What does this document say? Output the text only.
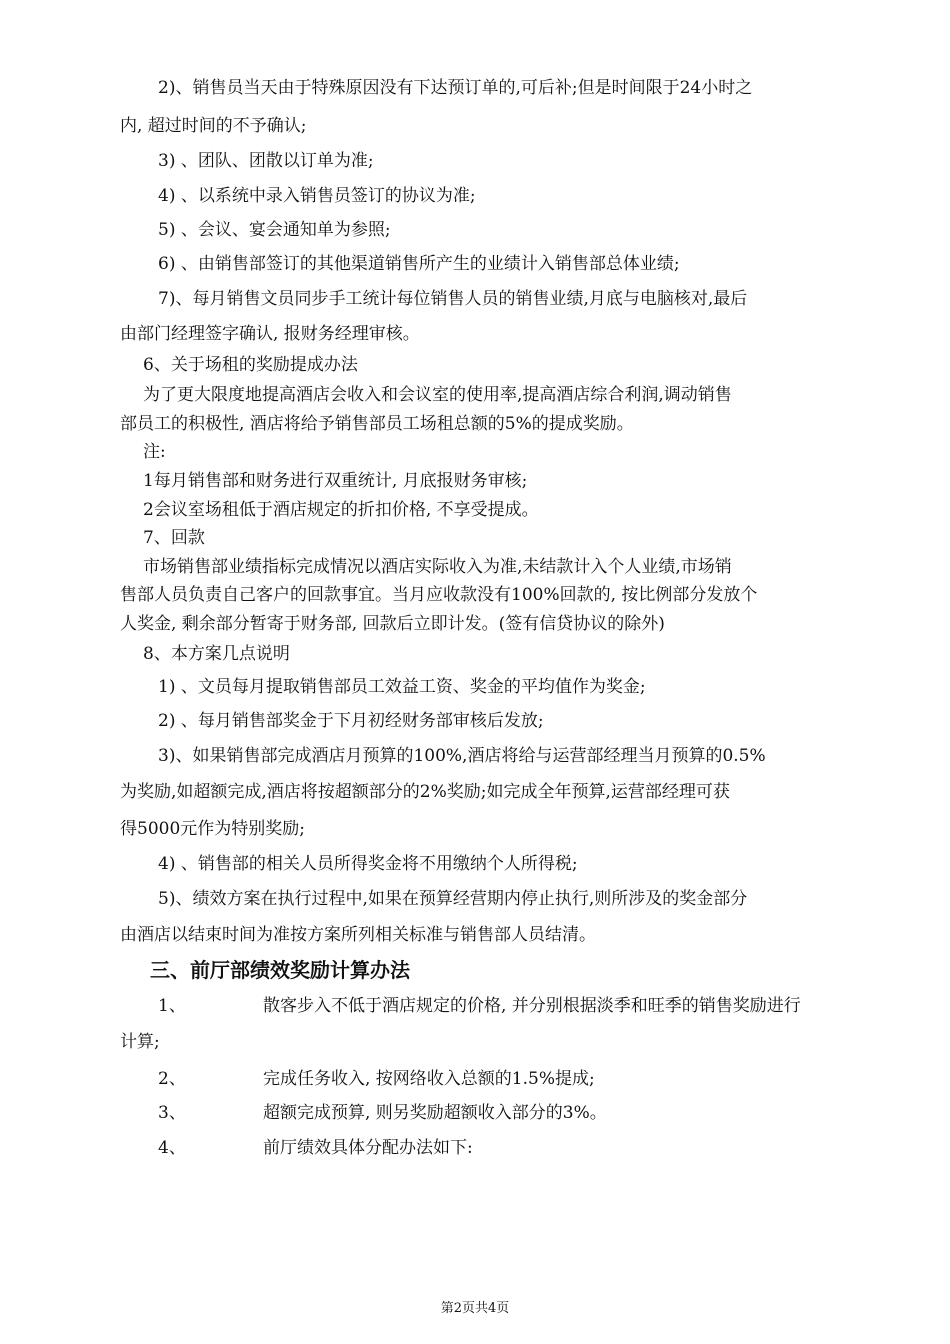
2)、销售员当天由于特殊原因没有下达预订单的,可后补;但是时间限于24小时之
内, 超过时间的不予确认;
3) 、团队、团散以订单为准;
4) 、以系统中录入销售员签订的协议为准;
5) 、会议、宴会通知单为参照;
6) 、由销售部签订的其他渠道销售所产生的业绩计入销售部总体业绩;
7)、每月销售文员同步手工统计每位销售人员的销售业绩,月底与电脑核对,最后
由部门经理签字确认, 报财务经理审核。
6、关于场租的奖励提成办法
为了更大限度地提高酒店会收入和会议室的使用率,提高酒店综合利润,调动销售
部员工的积极性, 酒店将给予销售部员工场租总额的5%的提成奖励。
注:
1每月销售部和财务进行双重统计, 月底报财务审核;
2会议室场租低于酒店规定的折扣价格, 不享受提成。
7、回款
市场销售部业绩指标完成情况以酒店实际收入为准,未结款计入个人业绩,市场销
售部人员负责自己客户的回款事宜。当月应收款没有100%回款的, 按比例部分发放个
人奖金, 剩余部分暂寄于财务部, 回款后立即计发。(签有信贷协议的除外)
8、本方案几点说明
1) 、文员每月提取销售部员工效益工资、奖金的平均值作为奖金;
2) 、每月销售部奖金于下月初经财务部审核后发放;
3)、如果销售部完成酒店月预算的100%,酒店将给与运营部经理当月预算的0.5%
为奖励,如超额完成,酒店将按超额部分的2%奖励;如完成全年预算,运营部经理可获
得5000元作为特别奖励;
4) 、销售部的相关人员所得奖金将不用缴纳个人所得税;
5)、绩效方案在执行过程中,如果在预算经营期内停止执行,则所涉及的奖金部分
由酒店以结束时间为准按方案所列相关标准与销售部人员结清。
三、前厅部绩效奖励计算办法
1、	散客步入不低于酒店规定的价格, 并分别根据淡季和旺季的销售奖励进行
计算;
2、	完成任务收入, 按网络收入总额的1.5%提成;
3、	超额完成预算, 则另奖励超额收入部分的3%。
4、	前厅绩效具体分配办法如下:
第2页共4页
